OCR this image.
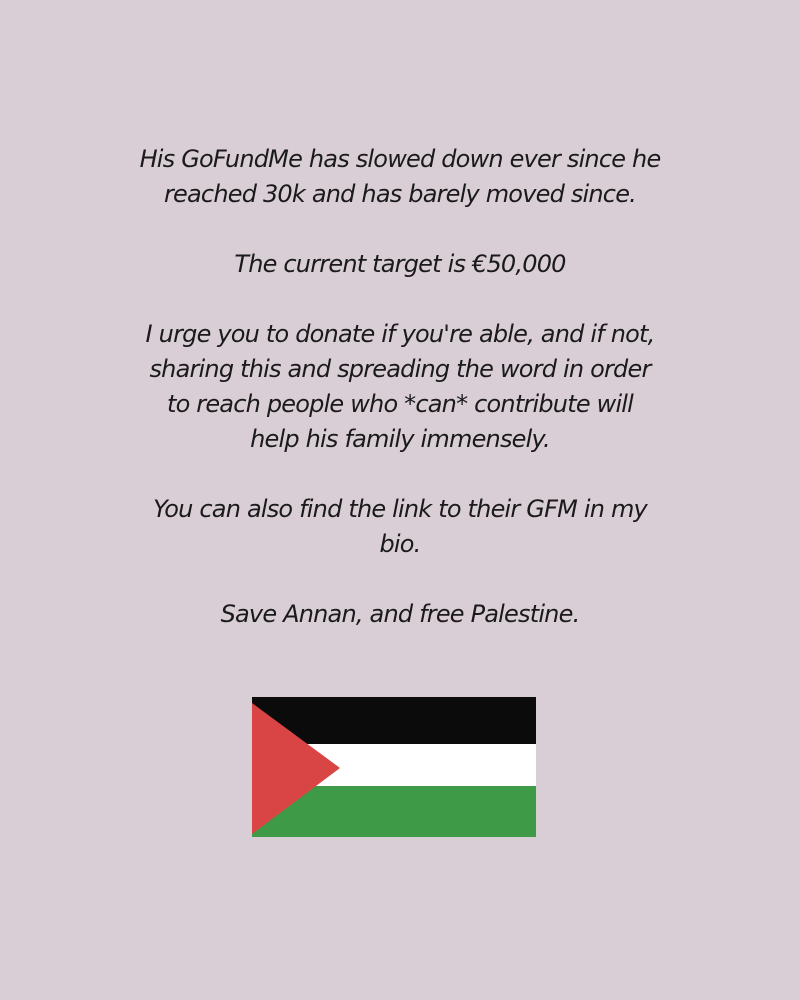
His GoFundMe has slowed down ever since he
reached 30k and has barely moved since.

The current target is €50,000

I urge you to donate if you're able, and if not,
sharing this and spreading the word in order
to reach people who *can* contribute will
help his family immensely.

You can also find the link to their GFM in my
bio.

Save Annan, and free Palestine.
